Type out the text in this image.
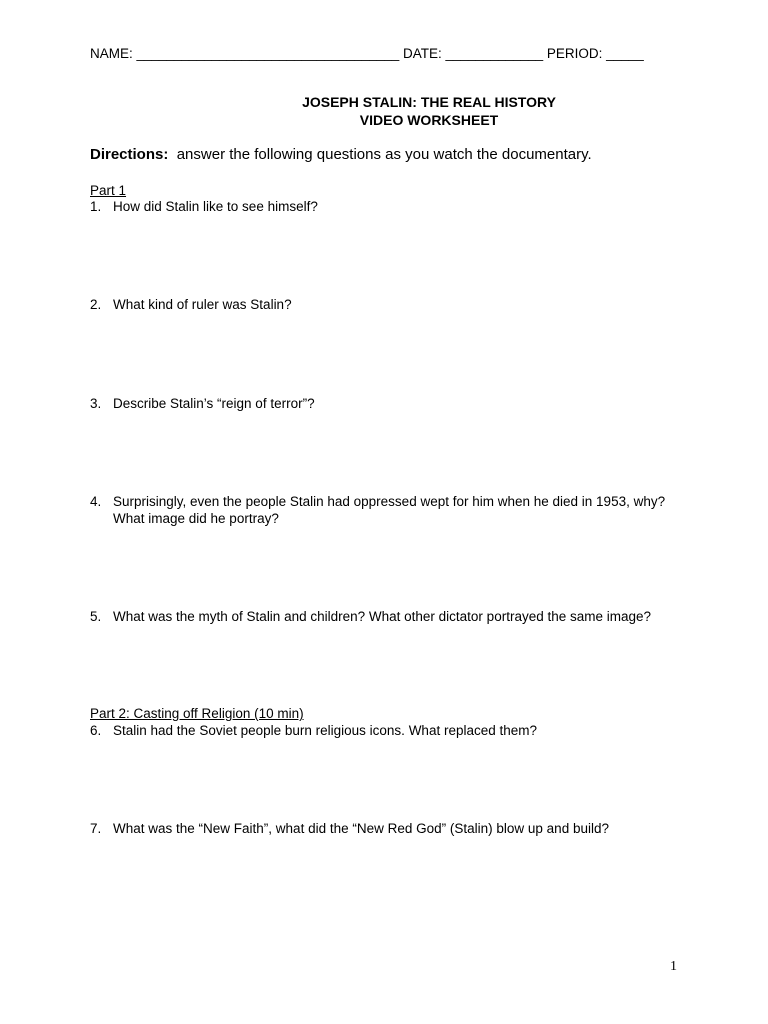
NAME: ___________________________________ DATE: _____________ PERIOD: _____
JOSEPH STALIN: THE REAL HISTORY
VIDEO WORKSHEET
Directions: answer the following questions as you watch the documentary.
Part 1
1. How did Stalin like to see himself?
2. What kind of ruler was Stalin?
3. Describe Stalin’s “reign of terror”?
4. Surprisingly, even the people Stalin had oppressed wept for him when he died in 1953, why? What image did he portray?
5. What was the myth of Stalin and children? What other dictator portrayed the same image?
Part 2: Casting off Religion (10 min)
6. Stalin had the Soviet people burn religious icons. What replaced them?
7. What was the “New Faith”, what did the “New Red God” (Stalin) blow up and build?
1
